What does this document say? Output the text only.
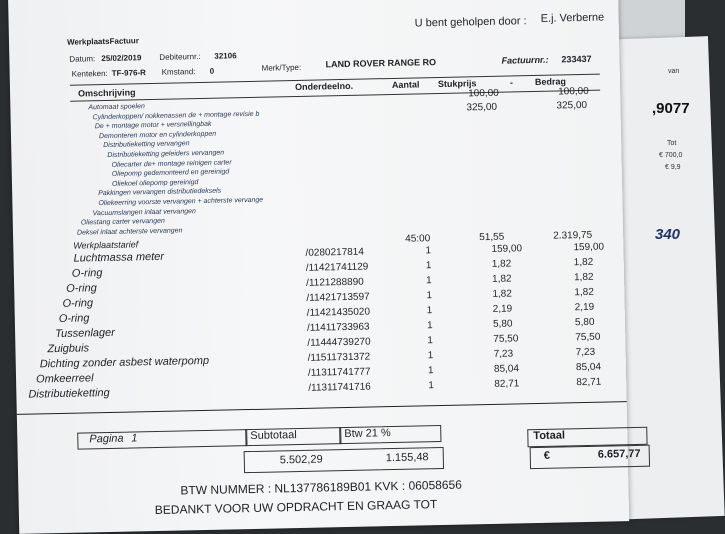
,9077
van
Tot
€ 700,0
€ 9,9
340
WerkplaatsFactuur
U bent geholpen door : E.j. Verberne
Datum: 25/02/2019 Debiteurnr.: 32106
Kenteken: TF-976-R Kmstand: 0	Merk/Type:	LAND ROVER RANGE RO	Factuurnr.: 233437
Omschrijving
Onderdeelno.	Aantal Stukprijs	- Bedrag
Automaat spoelen
Cylinderkoppen/ nokkenassen de + montage revisie b
De + montage motor + versnellingbak
Demonteren motor en cylinderkoppen
Distributieketting vervangen
Distributieketting geleiders vervangen
Oliecarter de+ montage reinigen carter
Oliepomp gedemonteerd en gereinigd
Oliekoel oliepomp gereinigd
Pakkingen vervangen distributiedeksels
Oliekeerring voorste vervangen + achterste vervange
Vacuumslangen inlaat vervangen
Oliestang carter vervangen
Deksel inlaat achterste vervangen
100,00	100,00
325,00	325,00
Werkplaatstarief
45:00	51,55	2.319,75
Luchtmassa meter	/0280217814	1	159,00	159,00
O-ring	/11421741129	1	1,82	1,82
O-ring	/1121288890	1	1,82	1,82
O-ring	/11421713597	1	1,82	1,82
O-ring	/11421435020	1	2,19	2,19
Tussenlager	/11411733963	1	5,80	5,80
Zuigbuis	/11444739270	1	75,50	75,50
Dichting zonder asbest waterpomp	/11511731372	1	7,23	7,23
Omkeerreel	/11311741777	1	85,04	85,04
Distributieketting	/11311741716	1	82,71	82,71
Pagina 1	Subtotaal	Btw 21 %	Totaal
5.502,29	1.155,48	€	6.657,77
BTW NUMMER : NL137786189B01 KVK : 06058656
BEDANKT VOOR UW OPDRACHT EN GRAAG TOT
